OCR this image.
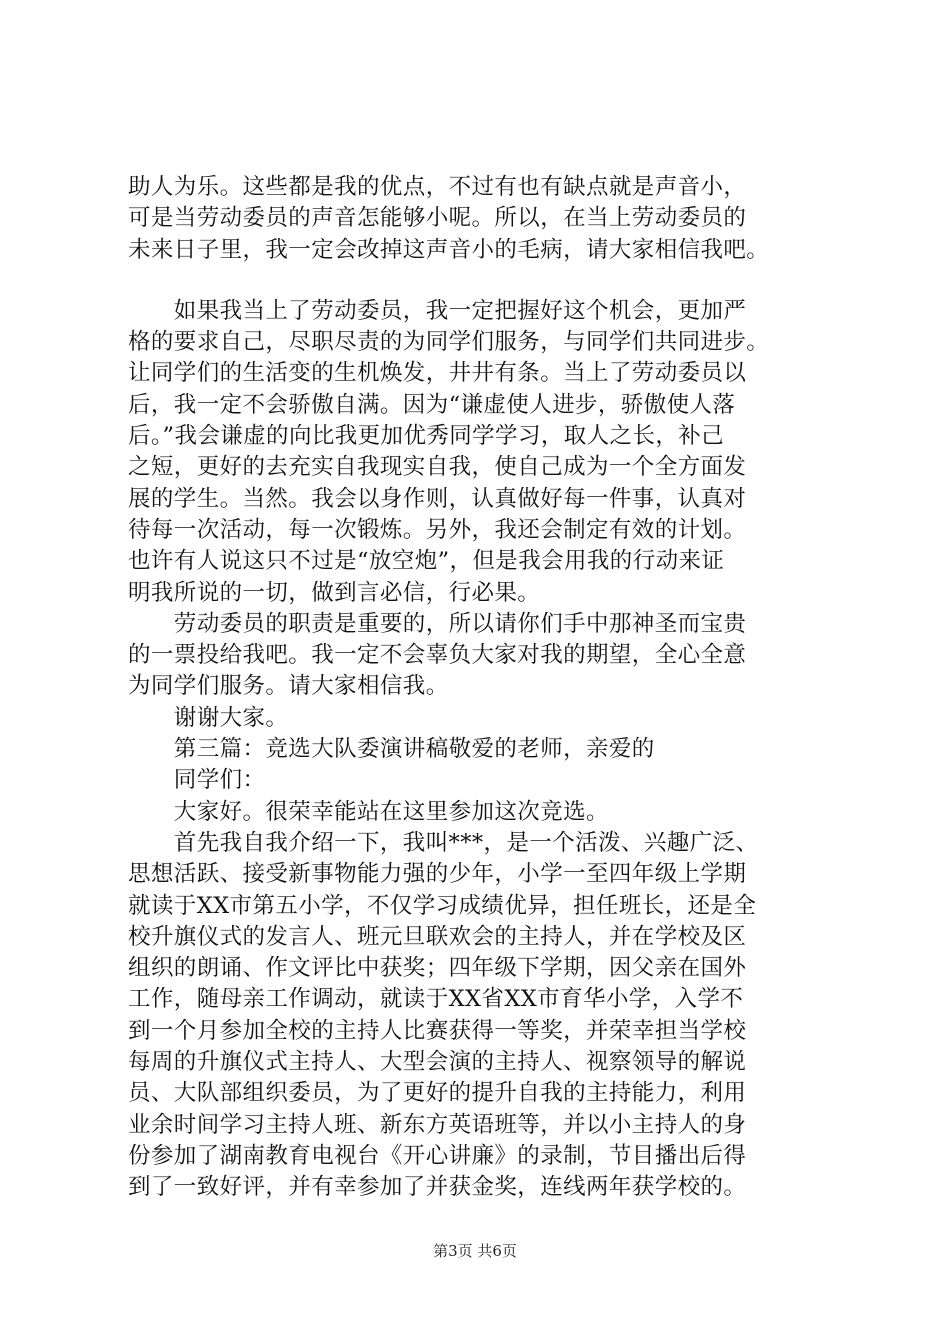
助人为乐。这些都是我的优点，不过有也有缺点就是声音小，
可是当劳动委员的声音怎能够小呢。所以，在当上劳动委员的
未来日子里，我一定会改掉这声音小的毛病，请大家相信我吧。
　　如果我当上了劳动委员，我一定把握好这个机会，更加严
格的要求自己，尽职尽责的为同学们服务，与同学们共同进步。
让同学们的生活变的生机焕发，井井有条。当上了劳动委员以
后，我一定不会骄傲自满。因为“谦虚使人进步，骄傲使人落
后。”我会谦虚的向比我更加优秀同学学习，取人之长，补己
之短，更好的去充实自我现实自我，使自己成为一个全方面发
展的学生。当然。我会以身作则，认真做好每一件事，认真对
待每一次活动，每一次锻炼。另外，我还会制定有效的计划。
也许有人说这只不过是“放空炮”，但是我会用我的行动来证
明我所说的一切，做到言必信，行必果。
　　劳动委员的职责是重要的，所以请你们手中那神圣而宝贵
的一票投给我吧。我一定不会辜负大家对我的期望，全心全意
为同学们服务。请大家相信我。
　　谢谢大家。
　　第三篇：竞选大队委演讲稿敬爱的老师，亲爱的
　　同学们：
　　大家好。很荣幸能站在这里参加这次竞选。
　　首先我自我介绍一下，我叫***，是一个活泼、兴趣广泛、
思想活跃、接受新事物能力强的少年，小学一至四年级上学期
就读于XX市第五小学，不仅学习成绩优异，担任班长，还是全
校升旗仪式的发言人、班元旦联欢会的主持人，并在学校及区
组织的朗诵、作文评比中获奖；四年级下学期，因父亲在国外
工作，随母亲工作调动，就读于XX省XX市育华小学，入学不
到一个月参加全校的主持人比赛获得一等奖，并荣幸担当学校
每周的升旗仪式主持人、大型会演的主持人、视察领导的解说
员、大队部组织委员，为了更好的提升自我的主持能力，利用
业余时间学习主持人班、新东方英语班等，并以小主持人的身
份参加了湖南教育电视台《开心讲廉》的录制，节目播出后得
到了一致好评，并有幸参加了并获金奖，连线两年获学校的。
第3页 共6页
